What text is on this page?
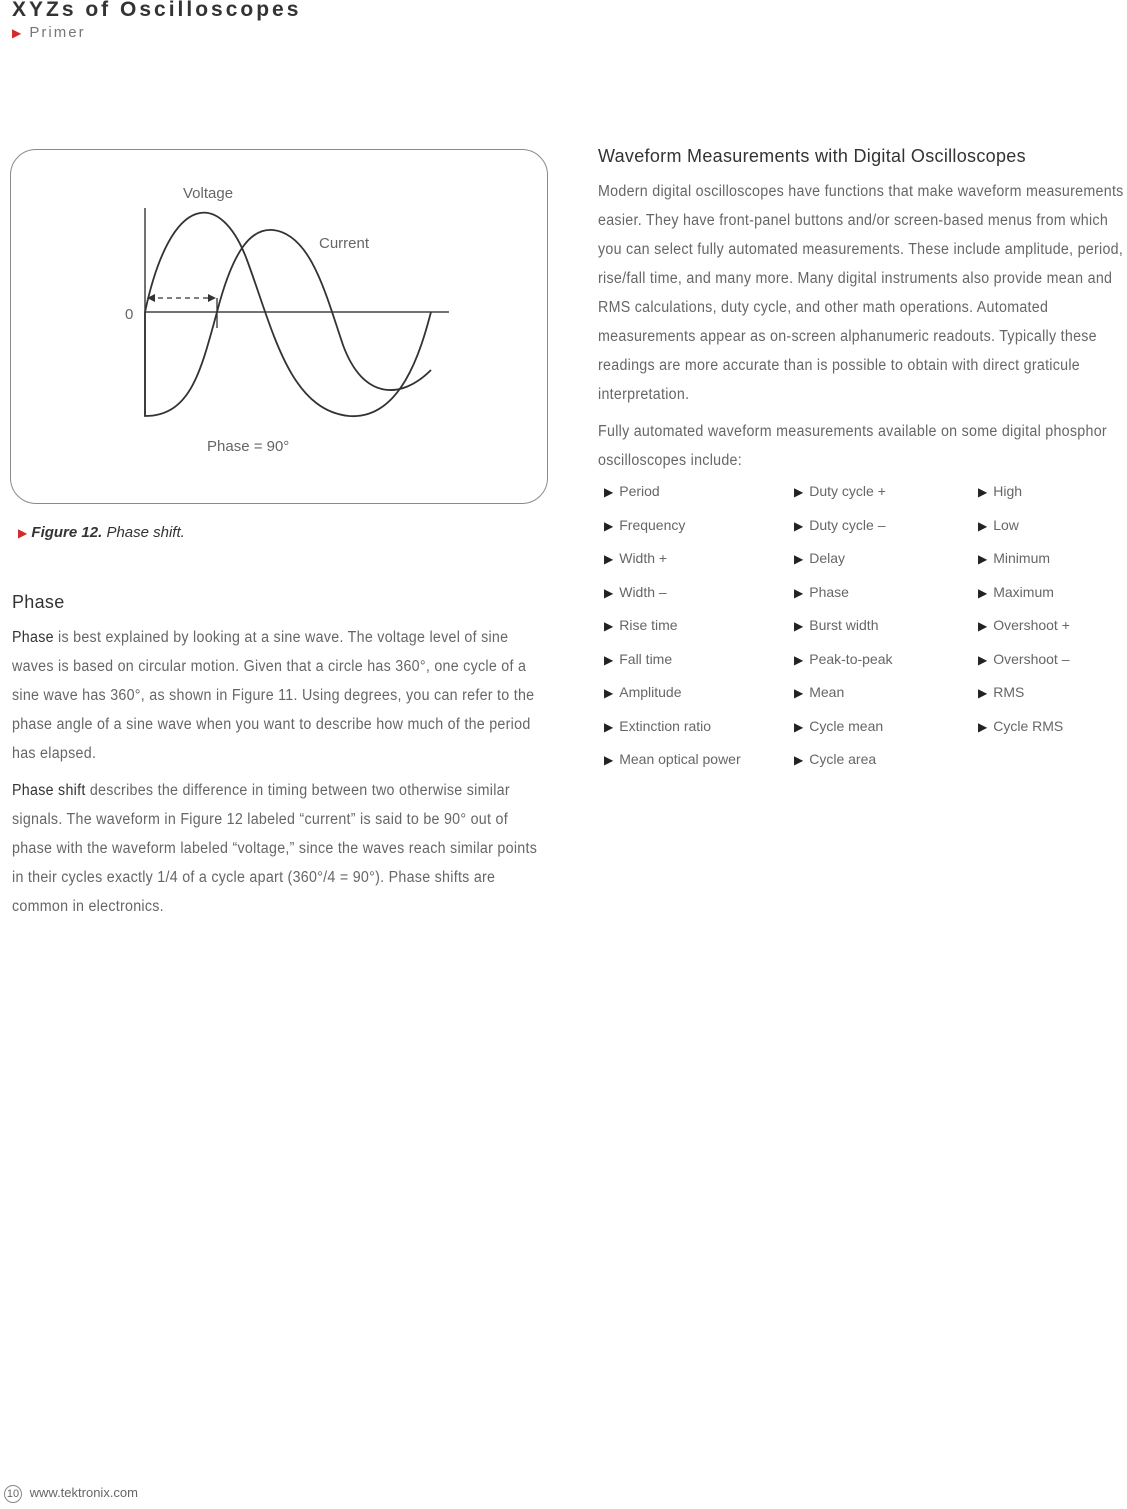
XYZs of Oscilloscopes
▶ Primer
Voltage
Current
0
Phase = 90°
▶ Figure 12. Phase shift.
Phase

Phase is best explained by looking at a sine wave. The voltage level of sine waves is based on circular motion. Given that a circle has 360°, one cycle of a sine wave has 360°, as shown in Figure 11. Using degrees, you can refer to the phase angle of a sine wave when you want to describe how much of the period has elapsed.

Phase shift describes the difference in timing between two otherwise similar signals. The waveform in Figure 12 labeled “current” is said to be 90° out of phase with the waveform labeled “voltage,” since the waves reach similar points in their cycles exactly 1/4 of a cycle apart (360°/4 = 90°). Phase shifts are common in electronics.

Waveform Measurements with Digital Oscilloscopes

Modern digital oscilloscopes have functions that make waveform measurements easier. They have front-panel buttons and/or screen-based menus from which you can select fully automated measurements. These include amplitude, period, rise/fall time, and many more. Many digital instruments also provide mean and RMS calculations, duty cycle, and other math operations. Automated measurements appear as on-screen alphanumeric readouts. Typically these readings are more accurate than is possible to obtain with direct graticule interpretation.

Fully automated waveform measurements available on some digital phosphor oscilloscopes include:

▶ Period
▶ Frequency
▶ Width +
▶ Width –
▶ Rise time
▶ Fall time
▶ Amplitude
▶ Extinction ratio
▶ Mean optical power
▶ Duty cycle +
▶ Duty cycle –
▶ Delay
▶ Phase
▶ Burst width
▶ Peak-to-peak
▶ Mean
▶ Cycle mean
▶ Cycle area
▶ High
▶ Low
▶ Minimum
▶ Maximum
▶ Overshoot +
▶ Overshoot –
▶ RMS
▶ Cycle RMS
10 www.tektronix.com
